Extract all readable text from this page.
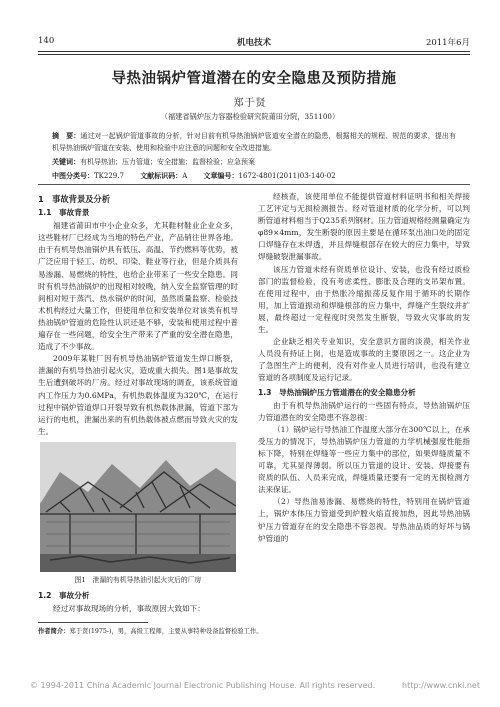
140	机电技术	2011年6月
导热油锅炉管道潜在的安全隐患及预防措施
郑于贤
（福建省锅炉压力容器检验研究院莆田分院，351100）
摘　要：通过对一起锅炉管道事故的分析，针对目前有机导热油锅炉管道安全潜在的隐患，根据相关的规程、规范的要求，提出有机导热油锅炉管道在安装、使用和检验中应注意的问题和安全改进措施。
关键词：有机导热油；压力管道；安全措施；监督检验；应急预案
中图分类号：TK229.7 文献标识码：A 文章编号：1672-4801(2011)03-140-02
1　事故背景及分析
1.1　事故背景

福建省莆田市中小企业众多，尤其鞋材鞋业企业众多，这些鞋材厂已经成为当地的特色产业，产品销往世界各地。由于有机导热油锅炉具有低压、高温、节约燃料等优势，被广泛应用于轻工、纺织、印染、鞋业等行业，但是介质具有易渗漏、易燃烧的特性，也给企业带来了一些安全隐患。同时有机导热油锅炉的出现相对较晚，纳入安全监察管理的时间相对短于蒸汽、热水锅炉的时间，虽然质量监察、检验技术机构经过大量工作，但使用单位和安装单位对该类有机导热油锅炉管道的危险性认识还是不够，安装和使用过程中普遍存在一些问题，给安全生产带来了严重的安全潜在隐患，造成了不少事故。

2009年某鞋厂因有机导热油锅炉管道发生焊口断裂，泄漏的有机导热油引起火灾，造成重大损失。图1是事故发生后遭到破坏的厂房。经过对事故现场的调查，该系统管道内工作压力为0.6MPa，有机热载体温度为320℃，在运行过程中锅炉管道焊口开裂导致有机热载体泄漏，管道下部为运行的电机，泄漏出来的有机热载体被点燃而导致火灾的发生。

图1　泄漏的有机导热油引起火灾后的厂房
1.2　事故分析

经过对事故现场的分析，事故原因大致如下：

经核查，该使用单位不能提供管道材料证明书和相关焊接工艺评定与无损检测报告。经对管道材质的化学分析，可以判断管道材料相当于Q235系列钢材。压力管道规格经测量确定为φ89×4mm，发生断裂的原因主要是在循环泵出油口处的固定口焊缝存在未焊透，并且焊缝根部存在较大的应力集中，导致焊缝破裂泄漏事故。

该压力管道未经有资质单位设计、安装，也没有经过质检部门的监督检验，没有考虑柔性、膨胀及合理的支吊架布置。在使用过程中，由于热胀冷缩振荡反复作用于循环的长期作用，加上管道振动和焊缝根部的应力集中，焊缝产生裂纹并扩展，最终超过一定程度时突然发生断裂，导致火灾事故的发生。

企业缺乏相关专业知识，安全意识方面的淡漠，相关作业人员没有持证上岗，也是造成事故的主要原因之一。这企业为了急图生产上的便利，没有对作业人员进行培训，也没有建立管道的各项制度及运行记录。

1.3　导热油锅炉压力管道潜在的安全隐患分析

由于有机导热油锅炉运行的一些固有特点，导热油锅炉压力管道潜在的安全隐患不容忽视：

（1）锅炉运行导热油工作温度大部分在300℃以上，在承受压力的情况下，导热油锅炉压力管道的力学机械强度性能指标下降，特别在焊缝等一些应力集中的部位，如果焊缝质量不可靠，尤其显得薄弱。所以压力管道的设计、安装、焊接要有资质的队伍、人员来完成，焊缝质量还要有一定的无损检测方法来保证。

（2）导热油易渗漏、易燃烧的特性，特别用在锅炉管道上，锅炉本体压力管道受到炉膛火焰直接加热，因此导热油锅炉压力管道存在的安全隐患不容忽视。导热油品质的好坏与锅炉管道的

作者简介：郑于贤(1975-)，男，高级工程师，主要从事特种设备监督检验工作。
© 1994-2011 China Academic Journal Electronic Publishing House. All rights reserved.	http://www.cnki.net
